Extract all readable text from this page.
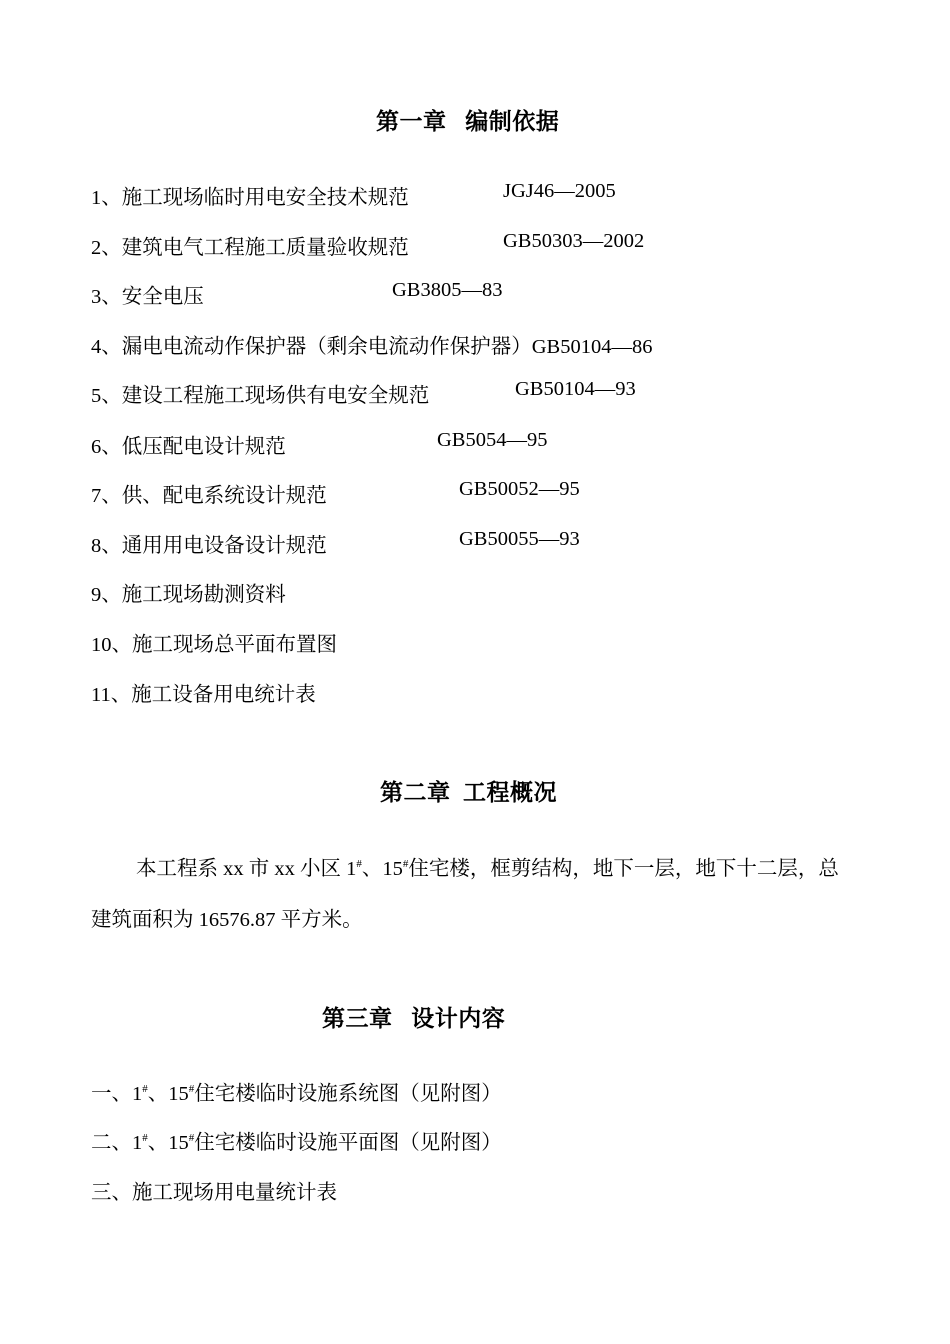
第一章   编制依据
1、施工现场临时用电安全技术规范	JGJ46—2005
2、建筑电气工程施工质量验收规范	GB50303—2002
3、安全电压	GB3805—83
4、漏电电流动作保护器（剩余电流动作保护器）GB50104—86
5、建设工程施工现场供有电安全规范	GB50104—93
6、低压配电设计规范	GB5054—95
7、供、配电系统设计规范	GB50052—95
8、通用用电设备设计规范	GB50055—93
9、施工现场勘测资料
10、施工现场总平面布置图
11、施工设备用电统计表
第二章  工程概况
本工程系 xx 市 xx 小区 1#、15#住宅楼，框剪结构，地下一层，地下十二层，总
建筑面积为 16576.87 平方米。
第三章   设计内容
一、1#、15#住宅楼临时设施系统图（见附图）
二、1#、15#住宅楼临时设施平面图（见附图）
三、施工现场用电量统计表
